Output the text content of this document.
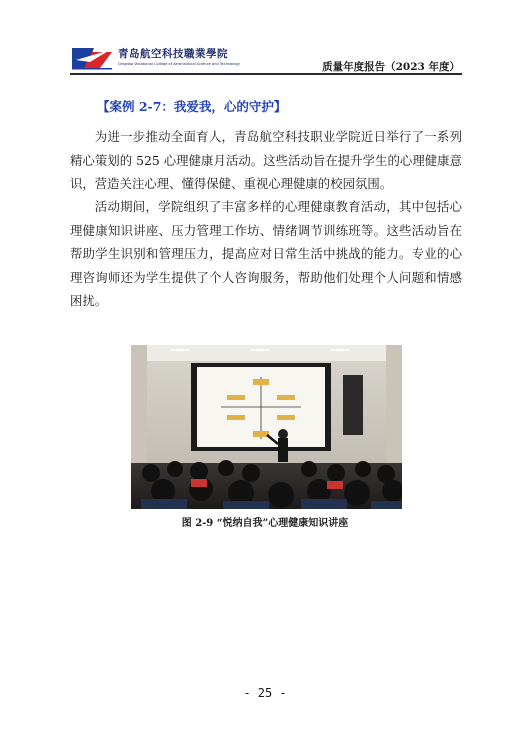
青岛航空科技職業學院
Qingdao Vocational College of Aeronautical Science and Technology	质量年度报告（2023 年度）
【案例 2-7：我爱我，心的守护】

为进一步推动全面育人，青岛航空科技职业学院近日举行了一系列精心策划的 525 心理健康月活动。这些活动旨在提升学生的心理健康意识，营造关注心理、懂得保健、重视心理健康的校园氛围。

活动期间，学院组织了丰富多样的心理健康教育活动，其中包括心理健康知识讲座、压力管理工作坊、情绪调节训练班等。这些活动旨在帮助学生识别和管理压力，提高应对日常生活中挑战的能力。专业的心理咨询师还为学生提供了个人咨询服务，帮助他们处理个人问题和情感困扰。

图 2-9 “悦纳自我”心理健康知识讲座
- 25 -
